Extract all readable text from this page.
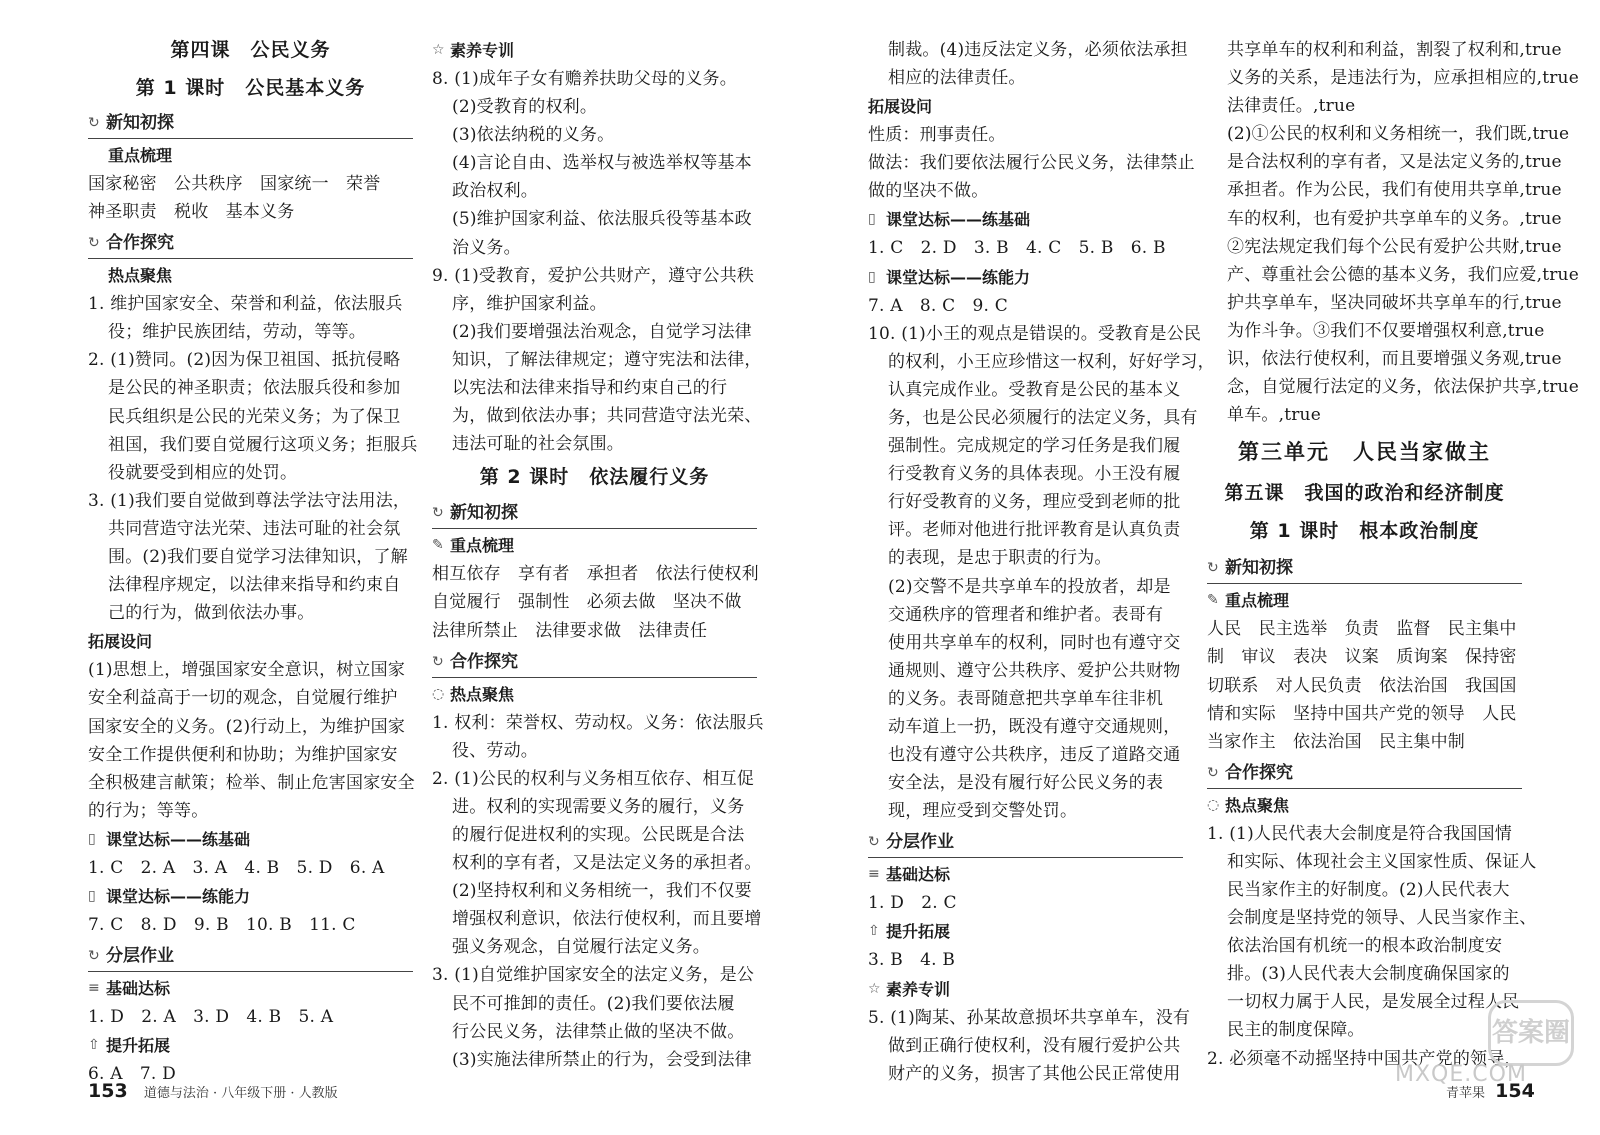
第四课　公民义务
第 1 课时　公民基本义务
↻ 新知初探
重点梳理
国家秘密　公共秩序　国家统一　荣誉
神圣职责　税收　基本义务
↻ 合作探究
热点聚焦
1. 维护国家安全、荣誉和利益，依法服兵
役；维护民族团结，劳动，等等。
2. (1)赞同。(2)因为保卫祖国、抵抗侵略
是公民的神圣职责；依法服兵役和参加
民兵组织是公民的光荣义务；为了保卫
祖国，我们要自觉履行这项义务；拒服兵
役就要受到相应的处罚。
3. (1)我们要自觉做到尊法学法守法用法，
共同营造守法光荣、违法可耻的社会氛
围。(2)我们要自觉学习法律知识，了解
法律程序规定，以法律来指导和约束自
己的行为，做到依法办事。
拓展设问
(1)思想上，增强国家安全意识，树立国家
安全利益高于一切的观念，自觉履行维护
国家安全的义务。(2)行动上，为维护国家
安全工作提供便利和协助；为维护国家安
全积极建言献策；检举、制止危害国家安全
的行为；等等。
▯ 课堂达标——练基础
1. C　2. A　3. A　4. B　5. D　6. A
▯ 课堂达标——练能力
7. C　8. D　9. B　10. B　11. C
↻ 分层作业
≡ 基础达标
1. D　2. A　3. D　4. B　5. A
⇧ 提升拓展
6. A　7. D
☆ 素养专训
8. (1)成年子女有赡养扶助父母的义务。
(2)受教育的权利。
(3)依法纳税的义务。
(4)言论自由、选举权与被选举权等基本
政治权利。
(5)维护国家利益、依法服兵役等基本政
治义务。
9. (1)受教育，爱护公共财产，遵守公共秩
序，维护国家利益。
(2)我们要增强法治观念，自觉学习法律
知识，了解法律规定；遵守宪法和法律，
以宪法和法律来指导和约束自己的行
为，做到依法办事；共同营造守法光荣、
违法可耻的社会氛围。
第 2 课时　依法履行义务
↻ 新知初探
✎ 重点梳理
相互依存　享有者　承担者　依法行使权利
自觉履行　强制性　必须去做　坚决不做
法律所禁止　法律要求做　法律责任
↻ 合作探究
◌ 热点聚焦
1. 权利：荣誉权、劳动权。义务：依法服兵
役、劳动。
2. (1)公民的权利与义务相互依存、相互促
进。权利的实现需要义务的履行，义务
的履行促进权利的实现。公民既是合法
权利的享有者，又是法定义务的承担者。
(2)坚持权利和义务相统一，我们不仅要
增强权利意识，依法行使权利，而且要增
强义务观念，自觉履行法定义务。
3. (1)自觉维护国家安全的法定义务，是公
民不可推卸的责任。(2)我们要依法履
行公民义务，法律禁止做的坚决不做。
(3)实施法律所禁止的行为，会受到法律
制裁。(4)违反法定义务，必须依法承担
相应的法律责任。
拓展设问
性质：刑事责任。
做法：我们要依法履行公民义务，法律禁止
做的坚决不做。
▯ 课堂达标——练基础
1. C　2. D　3. B　4. C　5. B　6. B
▯ 课堂达标——练能力
7. A　8. C　9. C
10. (1)小王的观点是错误的。受教育是公民
的权利，小王应珍惜这一权利，好好学习，
认真完成作业。受教育是公民的基本义
务，也是公民必须履行的法定义务，具有
强制性。完成规定的学习任务是我们履
行受教育义务的具体表现。小王没有履
行好受教育的义务，理应受到老师的批
评。老师对他进行批评教育是认真负责
的表现，是忠于职责的行为。
(2)交警不是共享单车的投放者，却是
交通秩序的管理者和维护者。表哥有
使用共享单车的权利，同时也有遵守交
通规则、遵守公共秩序、爱护公共财物
的义务。表哥随意把共享单车往非机
动车道上一扔，既没有遵守交通规则，
也没有遵守公共秩序，违反了道路交通
安全法，是没有履行好公民义务的表
现，理应受到交警处罚。
↻ 分层作业
≡ 基础达标
1. D　2. C
⇧ 提升拓展
3. B　4. B
☆ 素养专训
5. (1)陶某、孙某故意损坏共享单车，没有
做到正确行使权利，没有履行爱护公共
财产的义务，损害了其他公民正常使用
共享单车的权利和利益，割裂了权利和,true
义务的关系，是违法行为，应承担相应的,true
法律责任。,true
(2)①公民的权利和义务相统一，我们既,true
是合法权利的享有者，又是法定义务的,true
承担者。作为公民，我们有使用共享单,true
车的权利，也有爱护共享单车的义务。,true
②宪法规定我们每个公民有爱护公共财,true
产、尊重社会公德的基本义务，我们应爱,true
护共享单车，坚决同破坏共享单车的行,true
为作斗争。③我们不仅要增强权利意,true
识，依法行使权利，而且要增强义务观,true
念，自觉履行法定的义务，依法保护共享,true
单车。,true
第三单元　人民当家做主
第五课　我国的政治和经济制度
第 1 课时　根本政治制度
↻ 新知初探
✎ 重点梳理
人民　民主选举　负责　监督　民主集中
制　审议　表决　议案　质询案　保持密
切联系　对人民负责　依法治国　我国国
情和实际　坚持中国共产党的领导　人民
当家作主　依法治国　民主集中制
↻ 合作探究
◌ 热点聚焦
1. (1)人民代表大会制度是符合我国国情
和实际、体现社会主义国家性质、保证人
民当家作主的好制度。(2)人民代表大
会制度是坚持党的领导、人民当家作主、
依法治国有机统一的根本政治制度安
排。(3)人民代表大会制度确保国家的
一切权力属于人民，是发展全过程人民
民主的制度保障。
2. 必须毫不动摇坚持中国共产党的领导，
153 道德与法治 · 八年级下册 · 人教版	青苹果 154
答案圈
MXQE.COM
